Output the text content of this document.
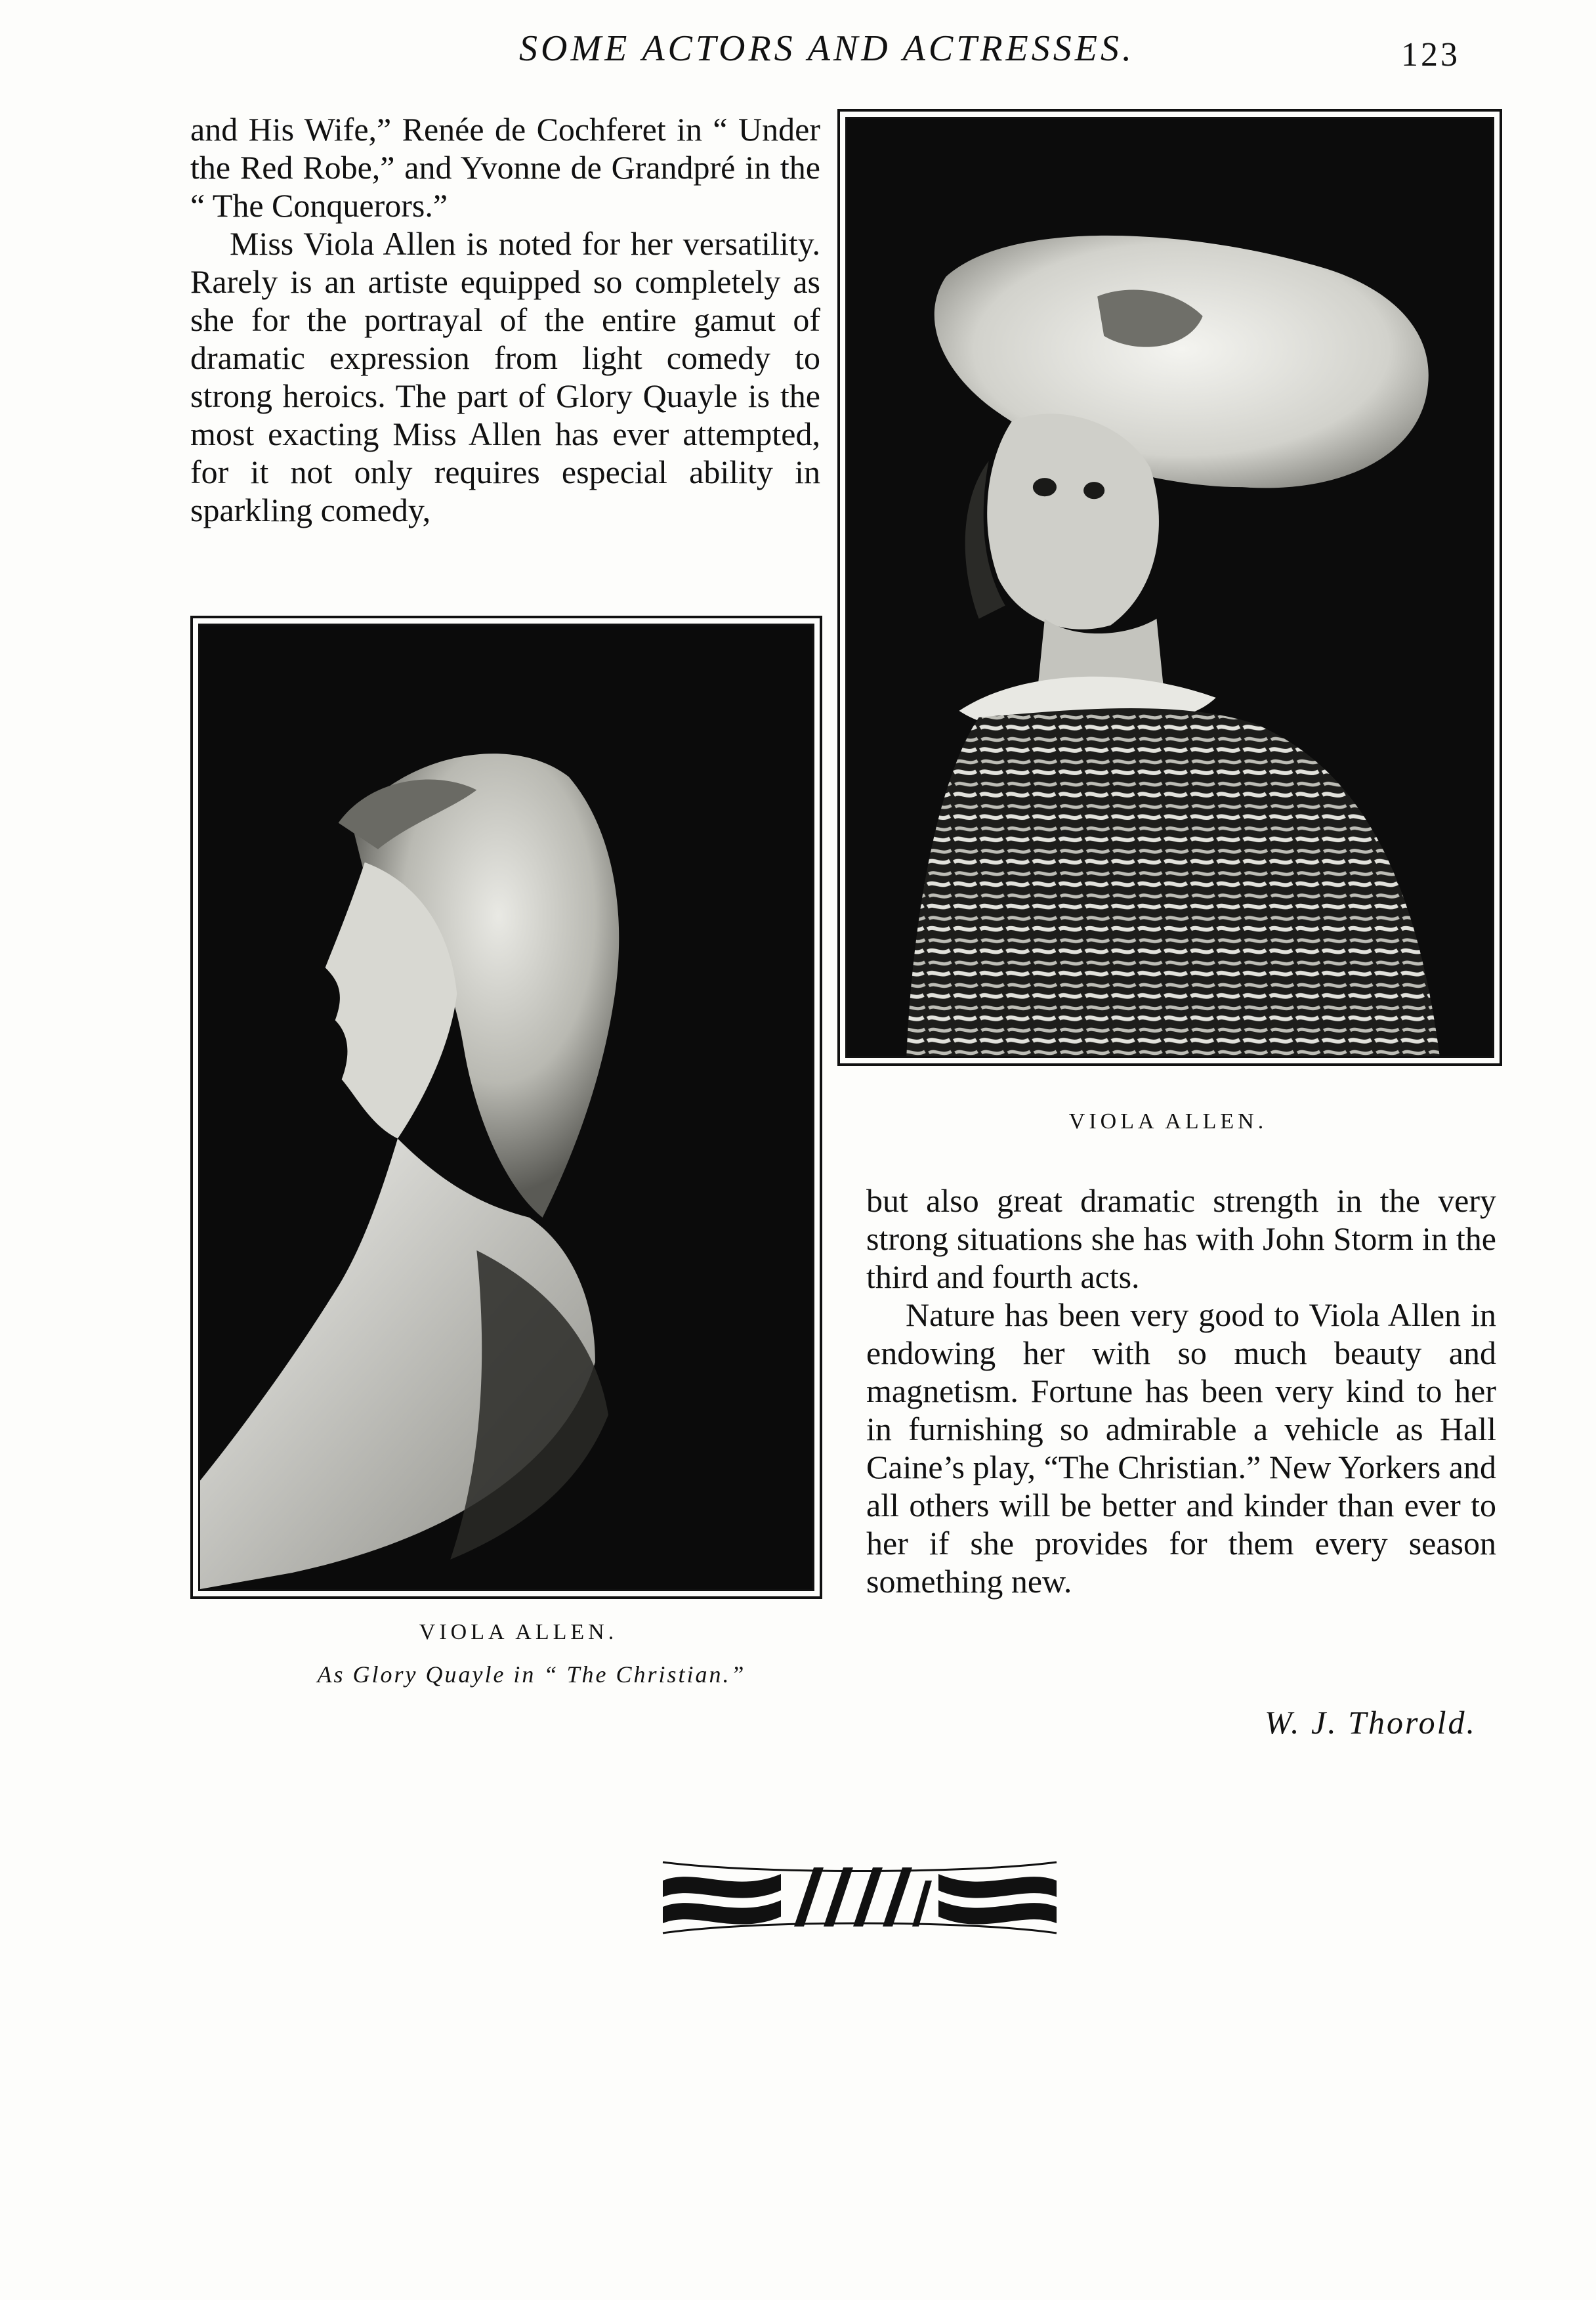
SOME ACTORS AND ACTRESSES.	123

and His Wife,” Renée de Cochferet in “ Under the Red Robe,” and Yvonne de Grandpré in the “ The Conquerors.”

Miss Viola Allen is noted for her versatility. Rarely is an artiste equipped so completely as she for the portrayal of the entire gamut of dramatic expression from light comedy to strong heroics. The part of Glory Quayle is the most exacting Miss Allen has ever attempted, for it not only requires especial ability in sparkling comedy,

VIOLA ALLEN.

but also great dramatic strength in the very strong situations she has with John Storm in the third and fourth acts.

Nature has been very good to Viola Allen in endowing her with so much beauty and magnetism. Fortune has been very kind to her in furnishing so admirable a vehicle as Hall Caine’s play, “The Christian.” New Yorkers and all others will be better and kinder than ever to her if she provides for them every season something new.

VIOLA ALLEN.
As Glory Quayle in “ The Christian.”
W. J. Thorold.
